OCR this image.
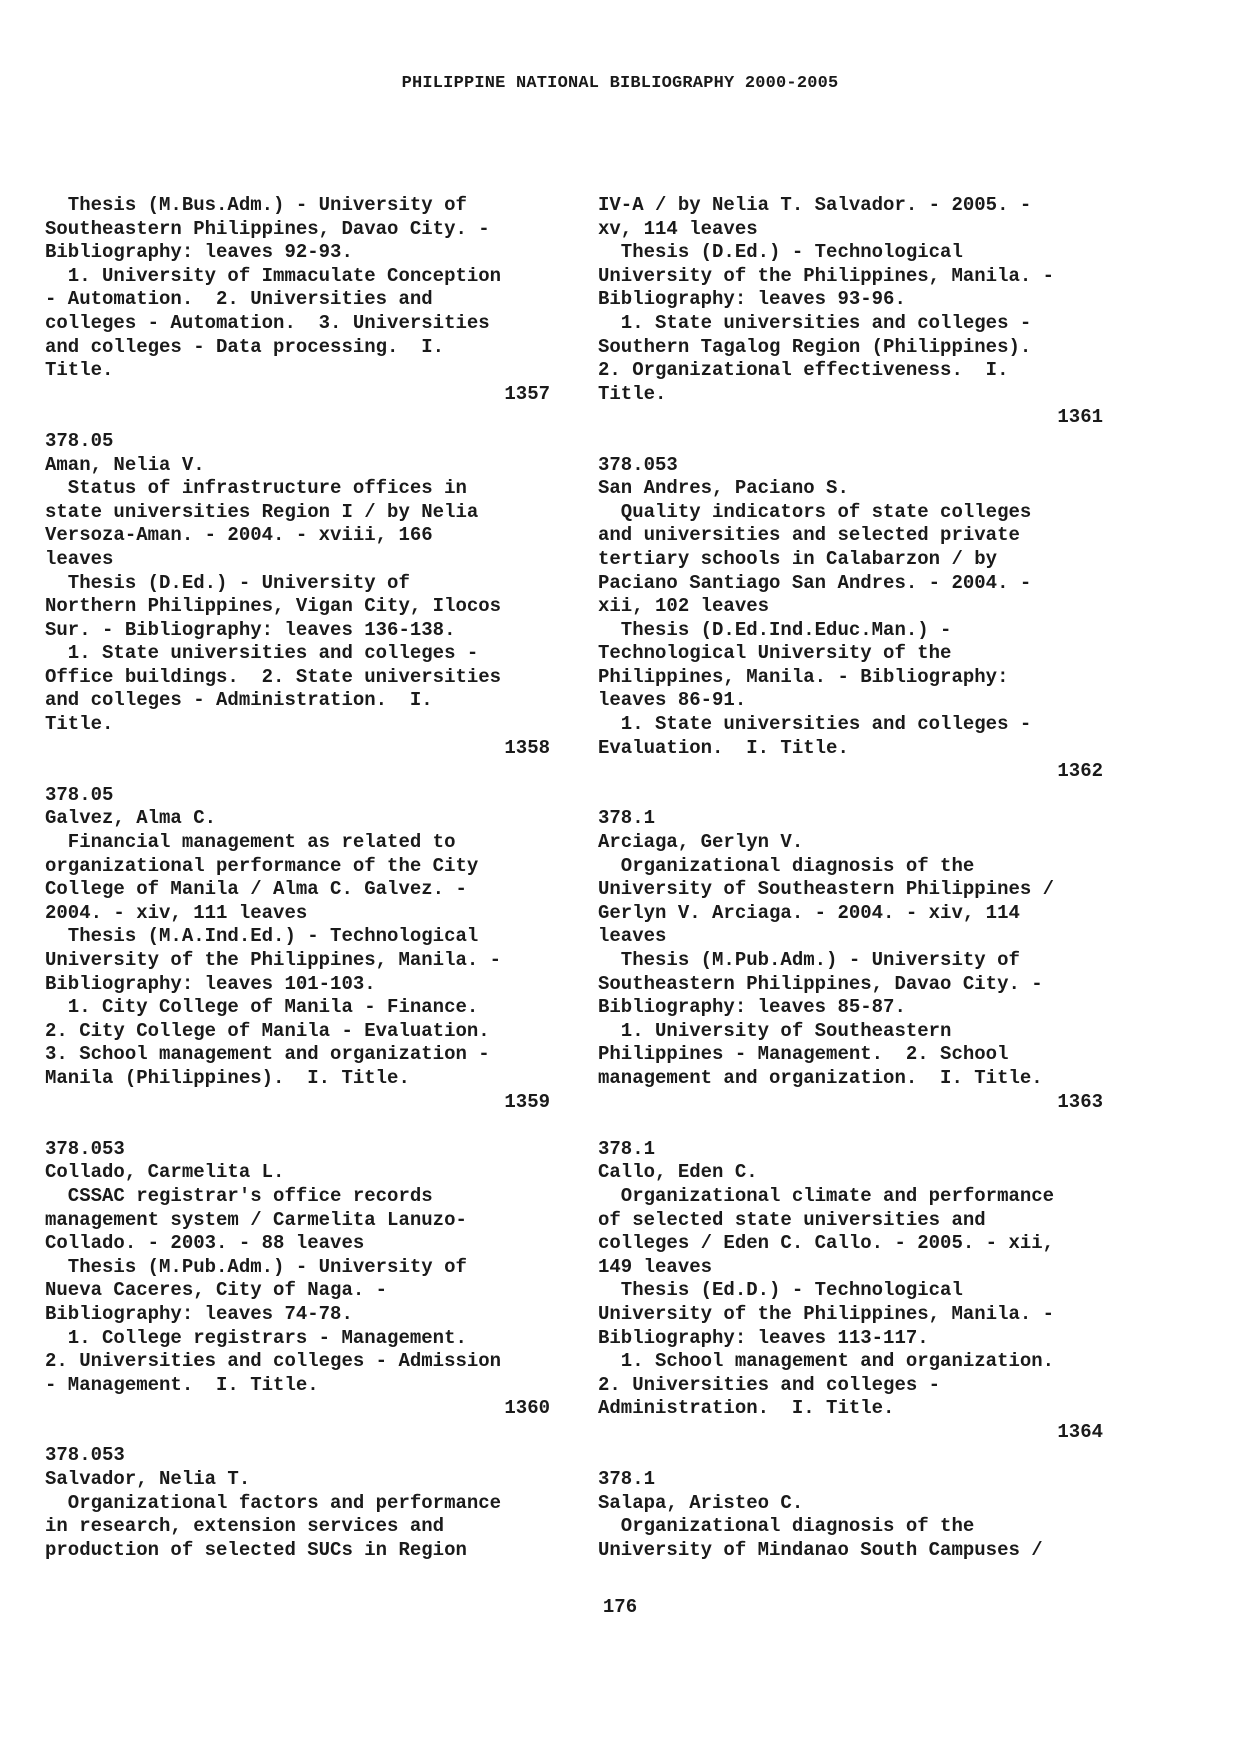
PHILIPPINE NATIONAL BIBLIOGRAPHY 2000-2005
Thesis (M.Bus.Adm.) - University of
Southeastern Philippines, Davao City. -
Bibliography: leaves 92-93.
1. University of Immaculate Conception
- Automation.  2. Universities and
colleges - Automation.  3. Universities
and colleges - Data processing.  I.
Title.
1357
378.05
Aman, Nelia V.
Status of infrastructure offices in
state universities Region I / by Nelia
Versoza-Aman. - 2004. - xviii, 166
leaves
Thesis (D.Ed.) - University of
Northern Philippines, Vigan City, Ilocos
Sur. - Bibliography: leaves 136-138.
1. State universities and colleges -
Office buildings.  2. State universities
and colleges - Administration.  I.
Title.
1358
378.05
Galvez, Alma C.
Financial management as related to
organizational performance of the City
College of Manila / Alma C. Galvez. -
2004. - xiv, 111 leaves
Thesis (M.A.Ind.Ed.) - Technological
University of the Philippines, Manila. -
Bibliography: leaves 101-103.
1. City College of Manila - Finance.
2. City College of Manila - Evaluation.
3. School management and organization -
Manila (Philippines).  I. Title.
1359
378.053
Collado, Carmelita L.
CSSAC registrar's office records
management system / Carmelita Lanuzo-
Collado. - 2003. - 88 leaves
Thesis (M.Pub.Adm.) - University of
Nueva Caceres, City of Naga. -
Bibliography: leaves 74-78.
1. College registrars - Management.
2. Universities and colleges - Admission
- Management.  I. Title.
1360
378.053
Salvador, Nelia T.
Organizational factors and performance
in research, extension services and
production of selected SUCs in Region
IV-A / by Nelia T. Salvador. - 2005. -
xv, 114 leaves
Thesis (D.Ed.) - Technological
University of the Philippines, Manila. -
Bibliography: leaves 93-96.
1. State universities and colleges -
Southern Tagalog Region (Philippines).
2. Organizational effectiveness.  I.
Title.
1361
378.053
San Andres, Paciano S.
Quality indicators of state colleges
and universities and selected private
tertiary schools in Calabarzon / by
Paciano Santiago San Andres. - 2004. -
xii, 102 leaves
Thesis (D.Ed.Ind.Educ.Man.) -
Technological University of the
Philippines, Manila. - Bibliography:
leaves 86-91.
1. State universities and colleges -
Evaluation.  I. Title.
1362
378.1
Arciaga, Gerlyn V.
Organizational diagnosis of the
University of Southeastern Philippines /
Gerlyn V. Arciaga. - 2004. - xiv, 114
leaves
Thesis (M.Pub.Adm.) - University of
Southeastern Philippines, Davao City. -
Bibliography: leaves 85-87.
1. University of Southeastern
Philippines - Management.  2. School
management and organization.  I. Title.
1363
378.1
Callo, Eden C.
Organizational climate and performance
of selected state universities and
colleges / Eden C. Callo. - 2005. - xii,
149 leaves
Thesis (Ed.D.) - Technological
University of the Philippines, Manila. -
Bibliography: leaves 113-117.
1. School management and organization.
2. Universities and colleges -
Administration.  I. Title.
1364
378.1
Salapa, Aristeo C.
Organizational diagnosis of the
University of Mindanao South Campuses /
176
